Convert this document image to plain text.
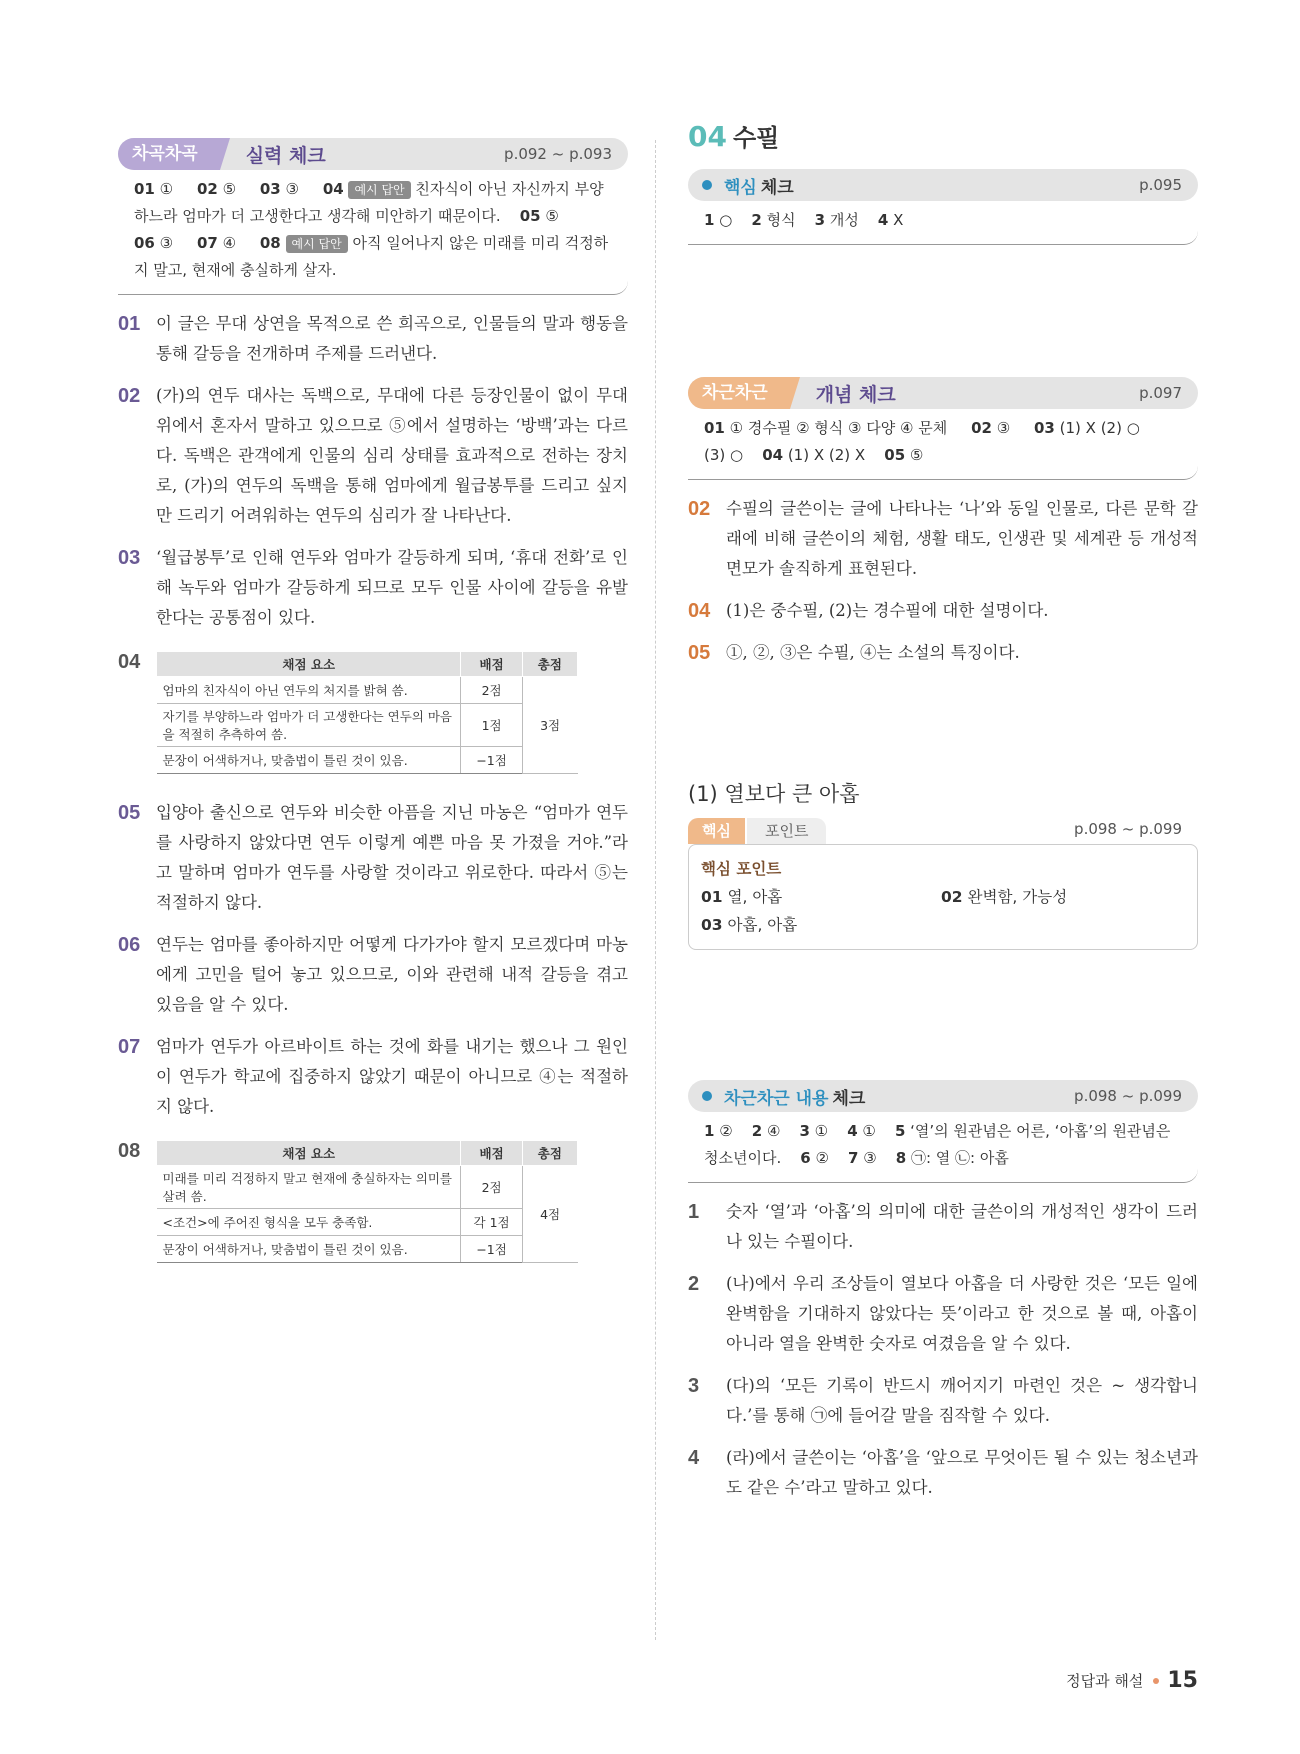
차곡차곡	실력 체크	p.092 ~ p.093
01 ①     02 ⑤     03 ③     04 예시 답안 친자식이 아닌 자신까지 부양하느라 엄마가 더 고생한다고 생각해 미안하기 때문이다.    05 ⑤
06 ③     07 ④     08 예시 답안 아직 일어나지 않은 미래를 미리 걱정하지 말고, 현재에 충실하게 살자.
01 이 글은 무대 상연을 목적으로 쓴 희곡으로, 인물들의 말과 행동을 통해 갈등을 전개하며 주제를 드러낸다.
02 (가)의 연두 대사는 독백으로, 무대에 다른 등장인물이 없이 무대 위에서 혼자서 말하고 있으므로 ⑤에서 설명하는 ‘방백’과는 다르다. 독백은 관객에게 인물의 심리 상태를 효과적으로 전하는 장치로, (가)의 연두의 독백을 통해 엄마에게 월급봉투를 드리고 싶지만 드리기 어려워하는 연두의 심리가 잘 나타난다.
03 ‘월급봉투’로 인해 연두와 엄마가 갈등하게 되며, ‘휴대 전화’로 인해 녹두와 엄마가 갈등하게 되므로 모두 인물 사이에 갈등을 유발한다는 공통점이 있다.
04	채점 요소	배점	총점
엄마의 친자식이 아닌 연두의 처지를 밝혀 씀.	2점	3점
자기를 부양하느라 엄마가 더 고생한다는 연두의 마음을 적절히 추측하여 씀.	1점	
문장이 어색하거나, 맞춤법이 틀린 것이 있음.	−1점	
05 입양아 출신으로 연두와 비슷한 아픔을 지닌 마농은 “엄마가 연두를 사랑하지 않았다면 연두 이렇게 예쁜 마음 못 가졌을 거야.”라고 말하며 엄마가 연두를 사랑할 것이라고 위로한다. 따라서 ⑤는 적절하지 않다.
06 연두는 엄마를 좋아하지만 어떻게 다가가야 할지 모르겠다며 마농에게 고민을 털어 놓고 있으므로, 이와 관련해 내적 갈등을 겪고 있음을 알 수 있다.
07 엄마가 연두가 아르바이트 하는 것에 화를 내기는 했으나 그 원인이 연두가 학교에 집중하지 않았기 때문이 아니므로 ④는 적절하지 않다.
08	채점 요소	배점	총점
미래를 미리 걱정하지 말고 현재에 충실하자는 의미를 살려 씀.	2점	4점
<조건>에 주어진 형식을 모두 충족함.	각 1점	
문장이 어색하거나, 맞춤법이 틀린 것이 있음.	−1점	
04 수필
핵심 체크	p.095
1 ○    2 형식    3 개성    4 X
차근차근	개념 체크	p.097
01 ① 경수필 ② 형식 ③ 다양 ④ 문체     02 ③     03 (1) X (2) ○
(3) ○    04 (1) X (2) X    05 ⑤
02 수필의 글쓴이는 글에 나타나는 ‘나’와 동일 인물로, 다른 문학 갈래에 비해 글쓴이의 체험, 생활 태도, 인생관 및 세계관 등 개성적 면모가 솔직하게 표현된다.
04 (1)은 중수필, (2)는 경수필에 대한 설명이다.
05 ①, ②, ③은 수필, ④는 소설의 특징이다.
(1) 열보다 큰 아홉
핵심	포인트	p.098 ~ p.099
핵심 포인트
01 열, 아홉	02 완벽함, 가능성
03 아홉, 아홉
차근차근 내용 체크	p.098 ~ p.099
1 ②    2 ④    3 ①    4 ①    5 ‘열’의 원관념은 어른, ‘아홉’의 원관념은 청소년이다.    6 ②    7 ③    8 ㉠: 열 ㉡: 아홉
1	숫자 ‘열’과 ‘아홉’의 의미에 대한 글쓴이의 개성적인 생각이 드러나 있는 수필이다.
2	(나)에서 우리 조상들이 열보다 아홉을 더 사랑한 것은 ‘모든 일에 완벽함을 기대하지 않았다는 뜻’이라고 한 것으로 볼 때, 아홉이 아니라 열을 완벽한 숫자로 여겼음을 알 수 있다.
3	(다)의 ‘모든 기록이 반드시 깨어지기 마련인 것은 ~ 생각합니다.’를 통해 ㉠에 들어갈 말을 짐작할 수 있다.
4	(라)에서 글쓴이는 ‘아홉’을 ‘앞으로 무엇이든 될 수 있는 청소년과도 같은 수’라고 말하고 있다.
정답과 해설 15
